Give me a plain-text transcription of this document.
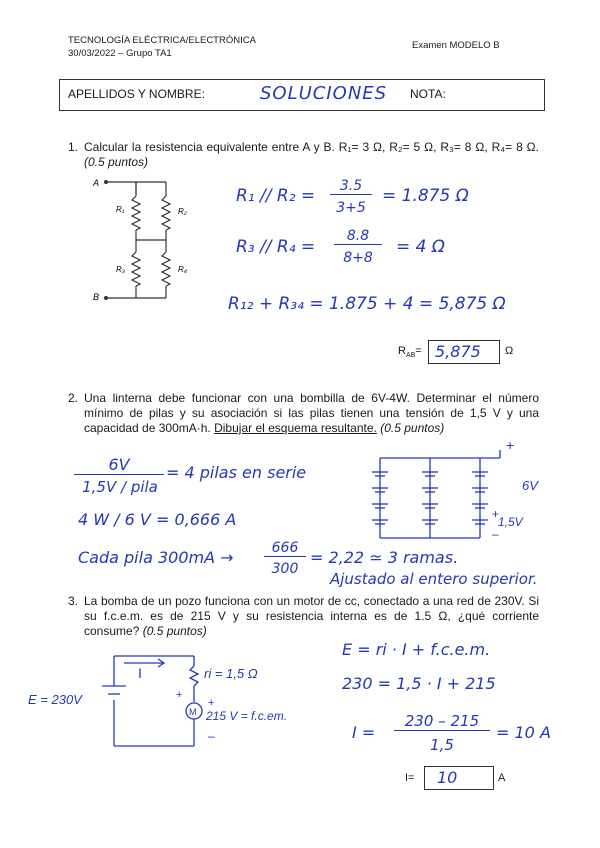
TECNOLOGÍA ELÉCTRICA/ELECTRÓNICA
30/03/2022 – Grupo TA1
Examen MODELO B
APELLIDOS Y NOMBRE:	SOLUCIONES NOTA:
1. Calcular la resistencia equivalente entre A y B. R₁= 3 Ω, R₂= 5 Ω, R₃= 8 Ω, R₄= 8 Ω. (0.5 puntos)
A
B
R₁	R₂
R₃	R₄
R₁ // R₂ =	3.5
3+5
= 1.875 Ω
R₃ // R₄ =
8.8
8+8
= 4 Ω
R₁₂ + R₃₄ = 1.875 + 4 = 5,875 Ω
$R_{AB}= 5,875$ Ω
2. Una linterna debe funcionar con una bombilla de 6V-4W. Determinar el número mínimo de pilas y su asociación si las pilas tienen una tensión de 1,5 V y una capacidad de 300mA·h. Dibujar el esquema resultante. (0.5 puntos)
6V
1,5V / pila
= 4 pilas en serie
4 W / 6 V = 0,666 A
Cada pila 300mA →	666
300
= 2,22 ≃ 3 ramas.
Ajustado al entero superior.
+
6V
+
1,5V
–
3. La bomba de un pozo funciona con un motor de cc, conectado a una red de 230V. Si su f.c.e.m. es de 215 V y su resistencia interna es de 1.5 Ω, ¿qué corriente consume? (0.5 puntos)
E = 230V
I	ri = 1,5 Ω
+
M
+
215 V = f.c.em.
–
E = ri · I + f.c.e.m.
230 = 1,5 · I + 215
I =
230 – 215
1,5
= 10 A
I= 10	A
